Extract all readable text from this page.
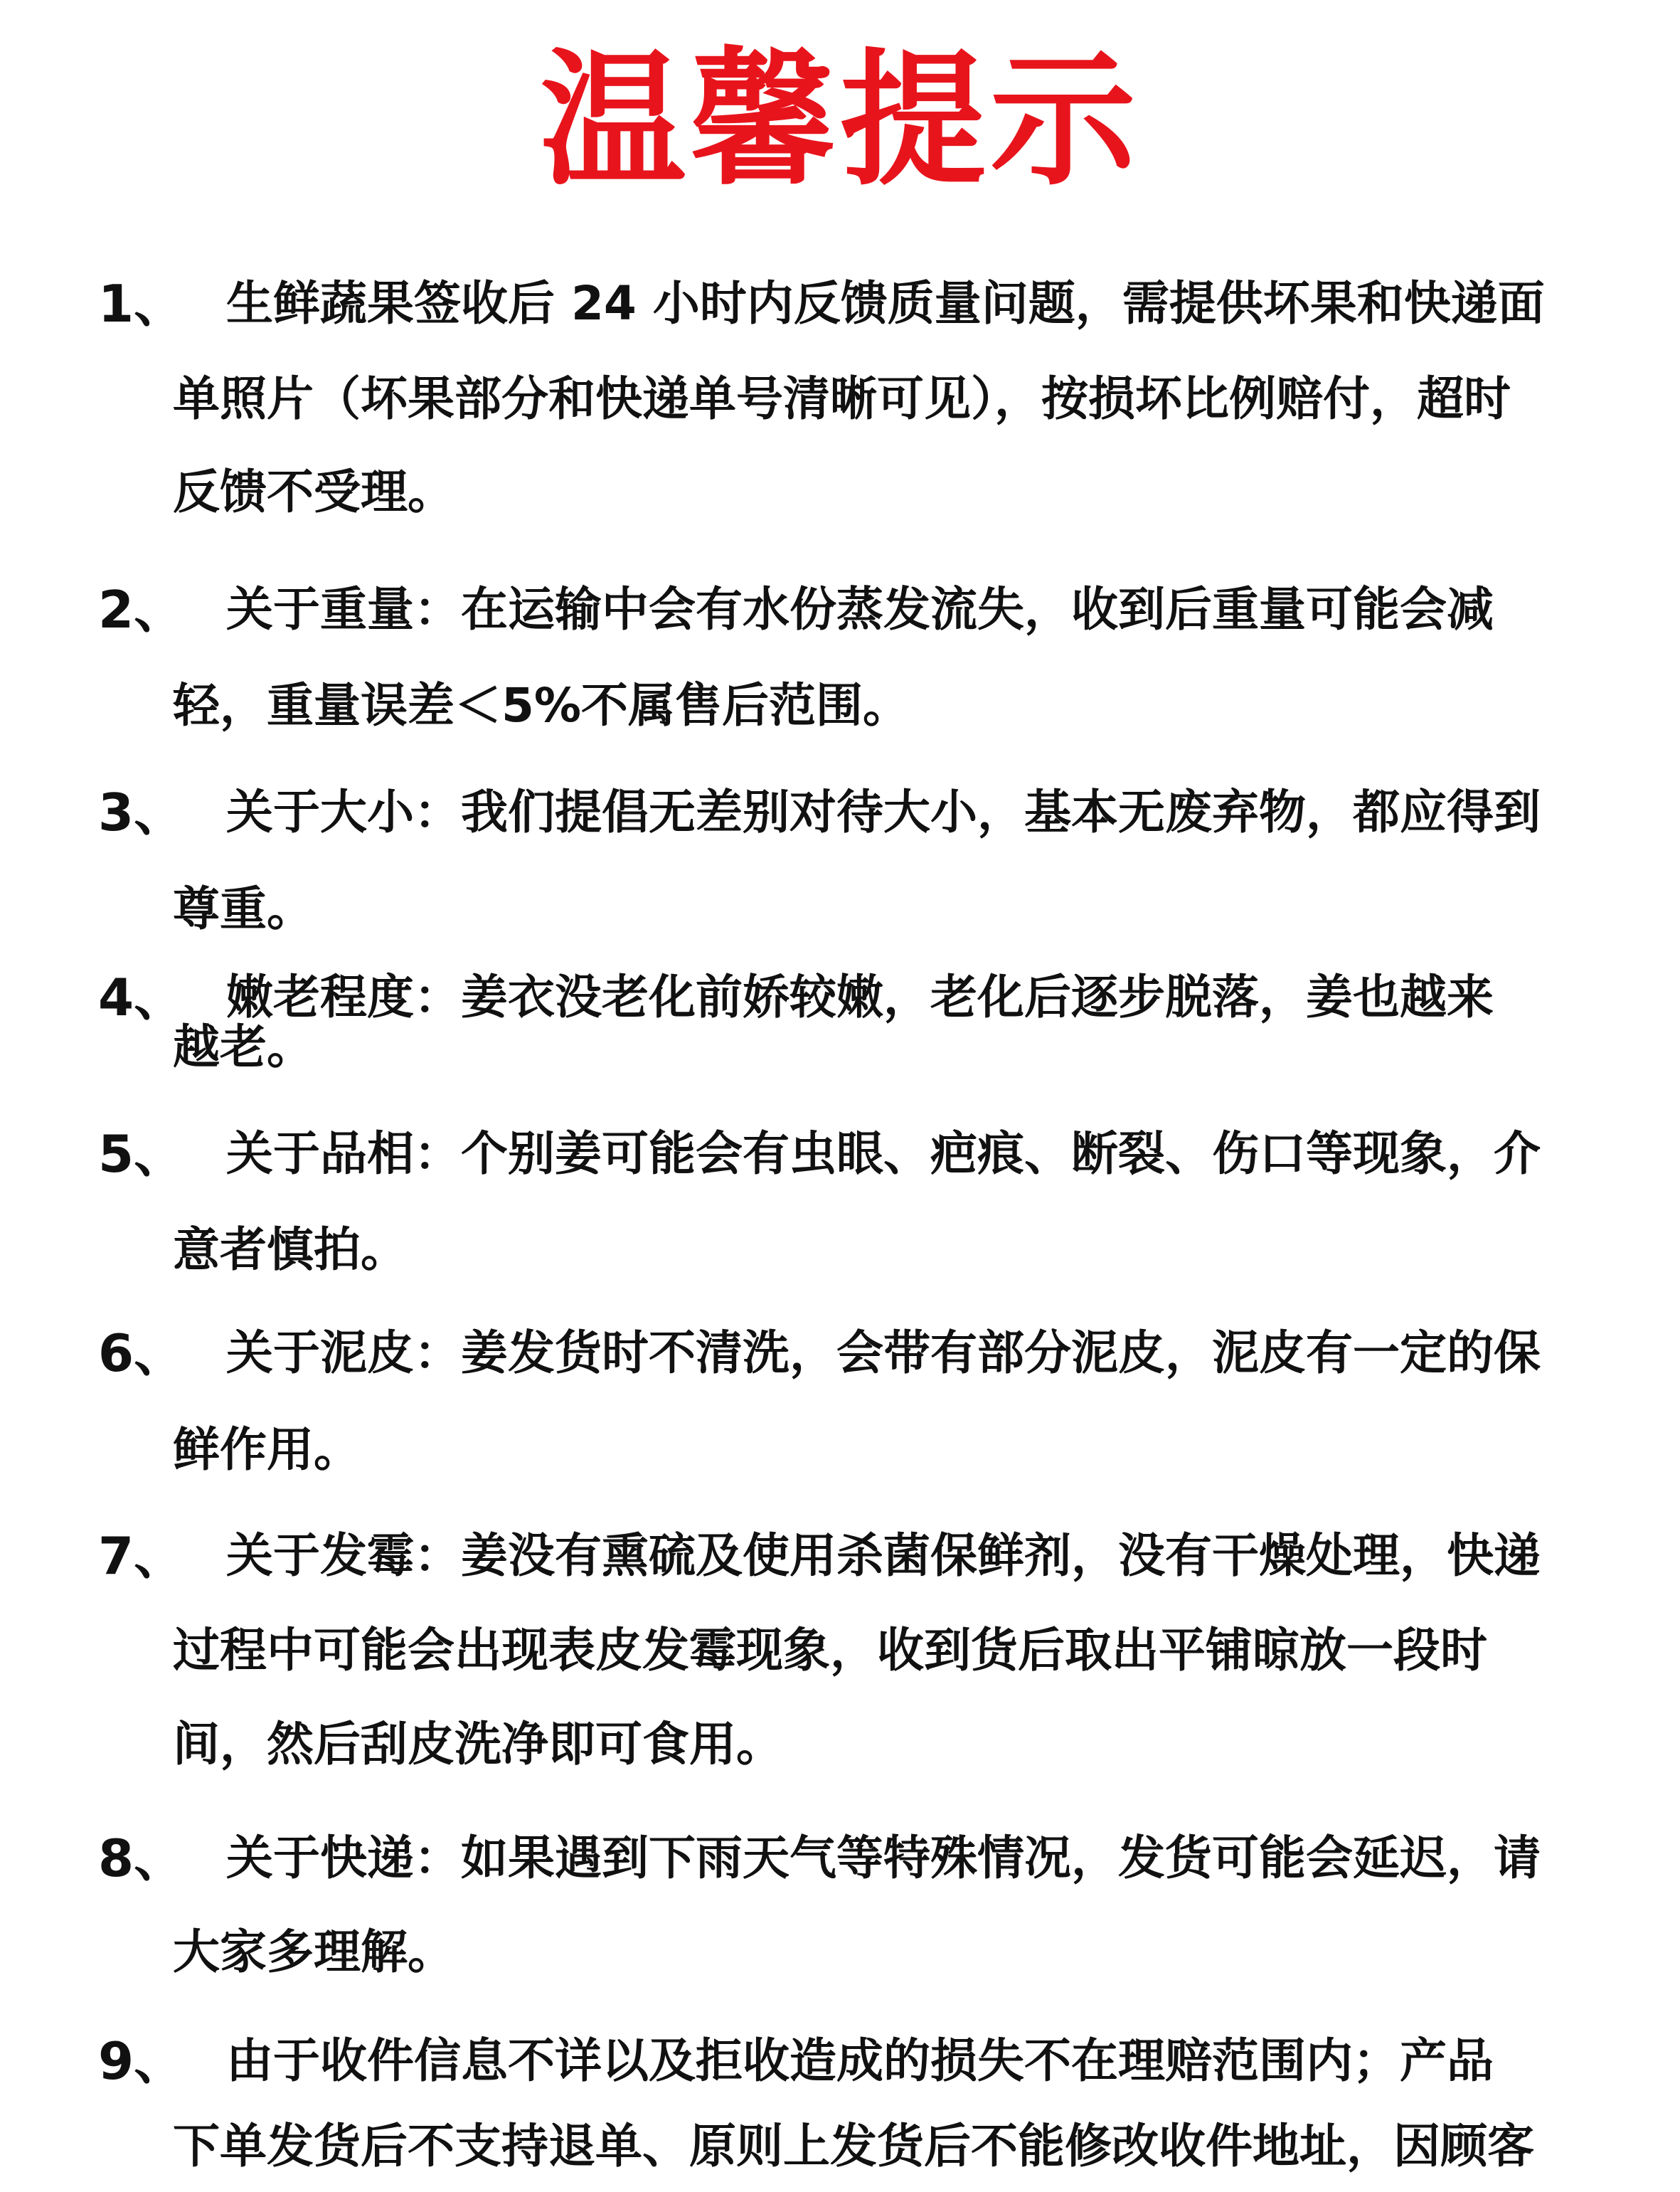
温馨提示
1、 生鲜蔬果签收后 24 小时内反馈质量问题，需提供坏果和快递面
单照片（坏果部分和快递单号清晰可见），按损坏比例赔付，超时
反馈不受理。
2、 关于重量：在运输中会有水份蒸发流失，收到后重量可能会减
轻，重量误差＜5%不属售后范围。
3、 关于大小：我们提倡无差别对待大小，基本无废弃物，都应得到
尊重。
4、 嫩老程度：姜衣没老化前娇较嫩，老化后逐步脱落，姜也越来
越老。
5、 关于品相：个别姜可能会有虫眼、疤痕、断裂、伤口等现象，介
意者慎拍。
6、 关于泥皮：姜发货时不清洗，会带有部分泥皮，泥皮有一定的保
鲜作用。
7、 关于发霉：姜没有熏硫及使用杀菌保鲜剂，没有干燥处理，快递
过程中可能会出现表皮发霉现象，收到货后取出平铺晾放一段时
间，然后刮皮洗净即可食用。
8、 关于快递：如果遇到下雨天气等特殊情况，发货可能会延迟，请
大家多理解。
9、 由于收件信息不详以及拒收造成的损失不在理赔范围内；产品
下单发货后不支持退单、原则上发货后不能修改收件地址，因顾客
